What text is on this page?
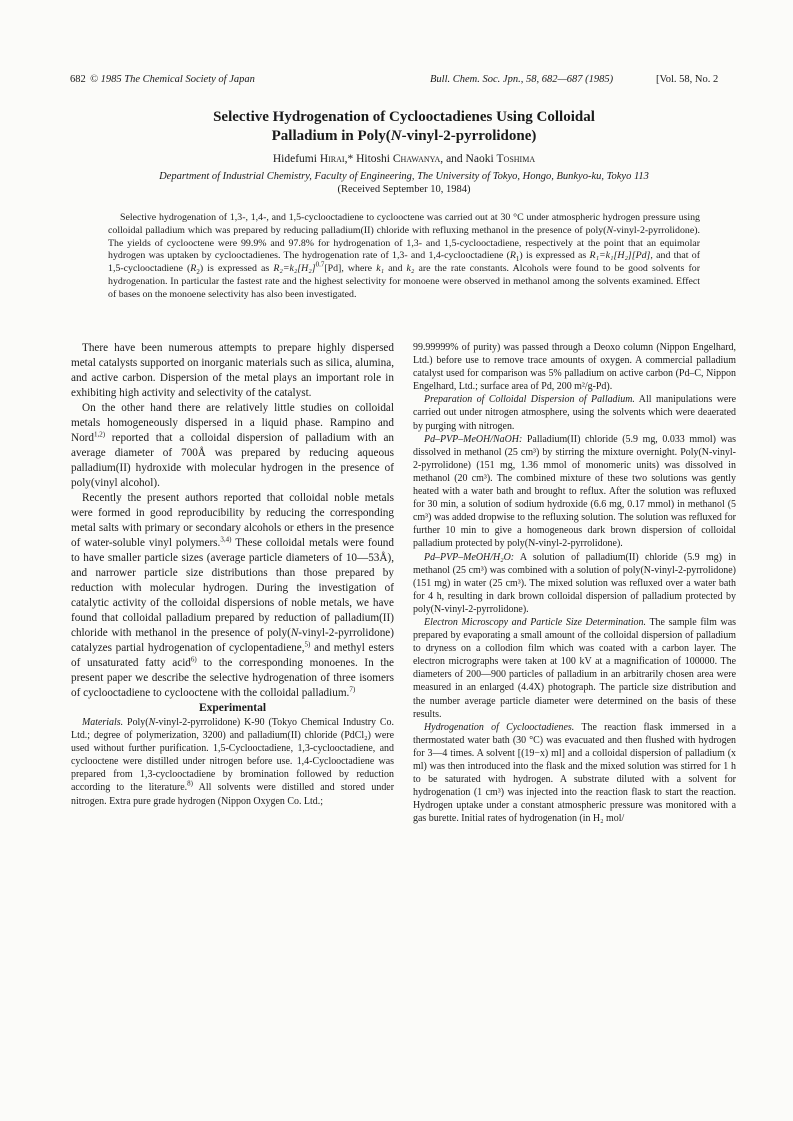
682 © 1985 The Chemical Society of Japan	Bull. Chem. Soc. Jpn., 58, 682—687 (1985)	[Vol. 58, No. 2
Selective Hydrogenation of Cyclooctadienes Using Colloidal
Palladium in Poly(N-vinyl-2-pyrrolidone)

Hidefumi Hirai,* Hitoshi Chawanya, and Naoki Toshima

Department of Industrial Chemistry, Faculty of Engineering, The University of Tokyo, Hongo, Bunkyo-ku, Tokyo 113

(Received September 10, 1984)

Selective hydrogenation of 1,3-, 1,4-, and 1,5-cyclooctadiene to cyclooctene was carried out at 30 °C under atmospheric hydrogen pressure using colloidal palladium which was prepared by reducing palladium(II) chloride with refluxing methanol in the presence of poly(N-vinyl-2-pyrrolidone). The yields of cyclooctene were 99.9% and 97.8% for hydrogenation of 1,3- and 1,5-cyclooctadiene, respectively at the point that an equimolar hydrogen was uptaken by cyclooctadienes. The hydrogenation rate of 1,3- and 1,4-cyclooctadiene $(R_1)$ is expressed as R₁=k₁[H₂][Pd], and that of 1,5-cyclooctadiene $(R_2)$ is expressed as $R_2=k_2[H_2]^{0.7}[Pd]$, where k₁ and k₂ are the rate constants. Alcohols were found to be good solvents for hydrogenation. In particular the fastest rate and the highest selectivity for monoene were observed in methanol among the solvents examined. Effect of bases on the monoene selectivity has also been investigated.

There have been numerous attempts to prepare highly dispersed metal catalysts supported on inorganic materials such as silica, alumina, and active carbon. Dispersion of the metal plays an important role in exhibiting high activity and selectivity of the catalyst.

On the other hand there are relatively little studies on colloidal metals homogeneously dispersed in a liquid phase. Rampino and Nord$^{1,2)}$ reported that a colloidal dispersion of palladium with an average diameter of 700Å was prepared by reducing aqueous palladium(II) hydroxide with molecular hydrogen in the presence of poly(vinyl alcohol).

Recently the present authors reported that colloidal noble metals were formed in good reproducibility by reducing the corresponding metal salts with primary or secondary alcohols or ethers in the presence of water-soluble vinyl polymers.$^{3,4)}$ These colloidal metals were found to have smaller particle sizes (average particle diameters of 10—53Å), and narrower particle size distributions than those prepared by reduction with molecular hydrogen. During the investigation of catalytic activity of the colloidal dispersions of noble metals, we have found that colloidal palladium prepared by reduction of palladium(II) chloride with methanol in the presence of poly(N-vinyl-2-pyrrolidone) catalyzes partial hydrogenation of cyclopentadiene,$^{5)}$ and methyl esters of unsaturated fatty acid$^{6)}$ to the corresponding monoenes. In the present paper we describe the selective hydrogenation of three isomers of cyclooctadiene to cyclooctene with the colloidal palladium.$^{7)}$

Experimental

Materials. Poly(N-vinyl-2-pyrrolidone) K-90 (Tokyo Chemical Industry Co. Ltd.; degree of polymerization, 3200) and palladium(II) chloride (PdCl₂) were used without further purification. 1,5-Cyclooctadiene, 1,3-cyclooctadiene, and cyclooctene were distilled under nitrogen before use. 1,4-Cyclooctadiene was prepared from 1,3-cyclooctadiene by bromination followed by reduction according to the literature.$^{8)}$ All solvents were distilled and stored under nitrogen. Extra pure grade hydrogen (Nippon Oxygen Co. Ltd.;

99.99999% of purity) was passed through a Deoxo column (Nippon Engelhard, Ltd.) before use to remove trace amounts of oxygen. A commercial palladium catalyst used for comparison was 5% palladium on active carbon (Pd–C, Nippon Engelhard, Ltd.; surface area of Pd, 200 m²/g-Pd).

Preparation of Colloidal Dispersion of Palladium. All manipulations were carried out under nitrogen atmosphere, using the solvents which were deaerated by purging with nitrogen.

Pd–PVP–MeOH/NaOH: Palladium(II) chloride (5.9 mg, 0.033 mmol) was dissolved in methanol (25 cm³) by stirring the mixture overnight. Poly(N-vinyl-2-pyrrolidone) (151 mg, 1.36 mmol of monomeric units) was dissolved in methanol (20 cm³). The combined mixture of these two solutions was gently heated with a water bath and brought to reflux. After the solution was refluxed for 30 min, a solution of sodium hydroxide (6.6 mg, 0.17 mmol) in methanol (5 cm³) was added dropwise to the refluxing solution. The solution was refluxed for further 10 min to give a homogeneous dark brown dispersion of colloidal palladium protected by poly(N-vinyl-2-pyrrolidone).

Pd–PVP–MeOH/H₂O: A solution of palladium(II) chloride (5.9 mg) in methanol (25 cm³) was combined with a solution of poly(N-vinyl-2-pyrrolidone) (151 mg) in water (25 cm³). The mixed solution was refluxed over a water bath for 4 h, resulting in dark brown colloidal dispersion of palladium protected by poly(N-vinyl-2-pyrrolidone).

Electron Microscopy and Particle Size Determination. The sample film was prepared by evaporating a small amount of the colloidal dispersion of palladium to dryness on a collodion film which was coated with a carbon layer. The electron micrographs were taken at 100 kV at a magnification of 100000. The diameters of 200—900 particles of palladium in an arbitrarily chosen area were measured in an enlarged (4.4X) photograph. The particle size distribution and the number average particle diameter were determined on the basis of these results.

Hydrogenation of Cyclooctadienes. The reaction flask immersed in a thermostated water bath (30 °C) was evacuated and then flushed with hydrogen for 3—4 times. A solvent [(19−x) ml] and a colloidal dispersion of palladium (x ml) was then introduced into the flask and the mixed solution was stirred for 1 h to be saturated with hydrogen. A substrate diluted with a solvent for hydrogenation (1 cm³) was injected into the reaction flask to start the reaction. Hydrogen uptake under a constant atmospheric pressure was monitored with a gas burette. Initial rates of hydrogenation (in H₂ mol/
